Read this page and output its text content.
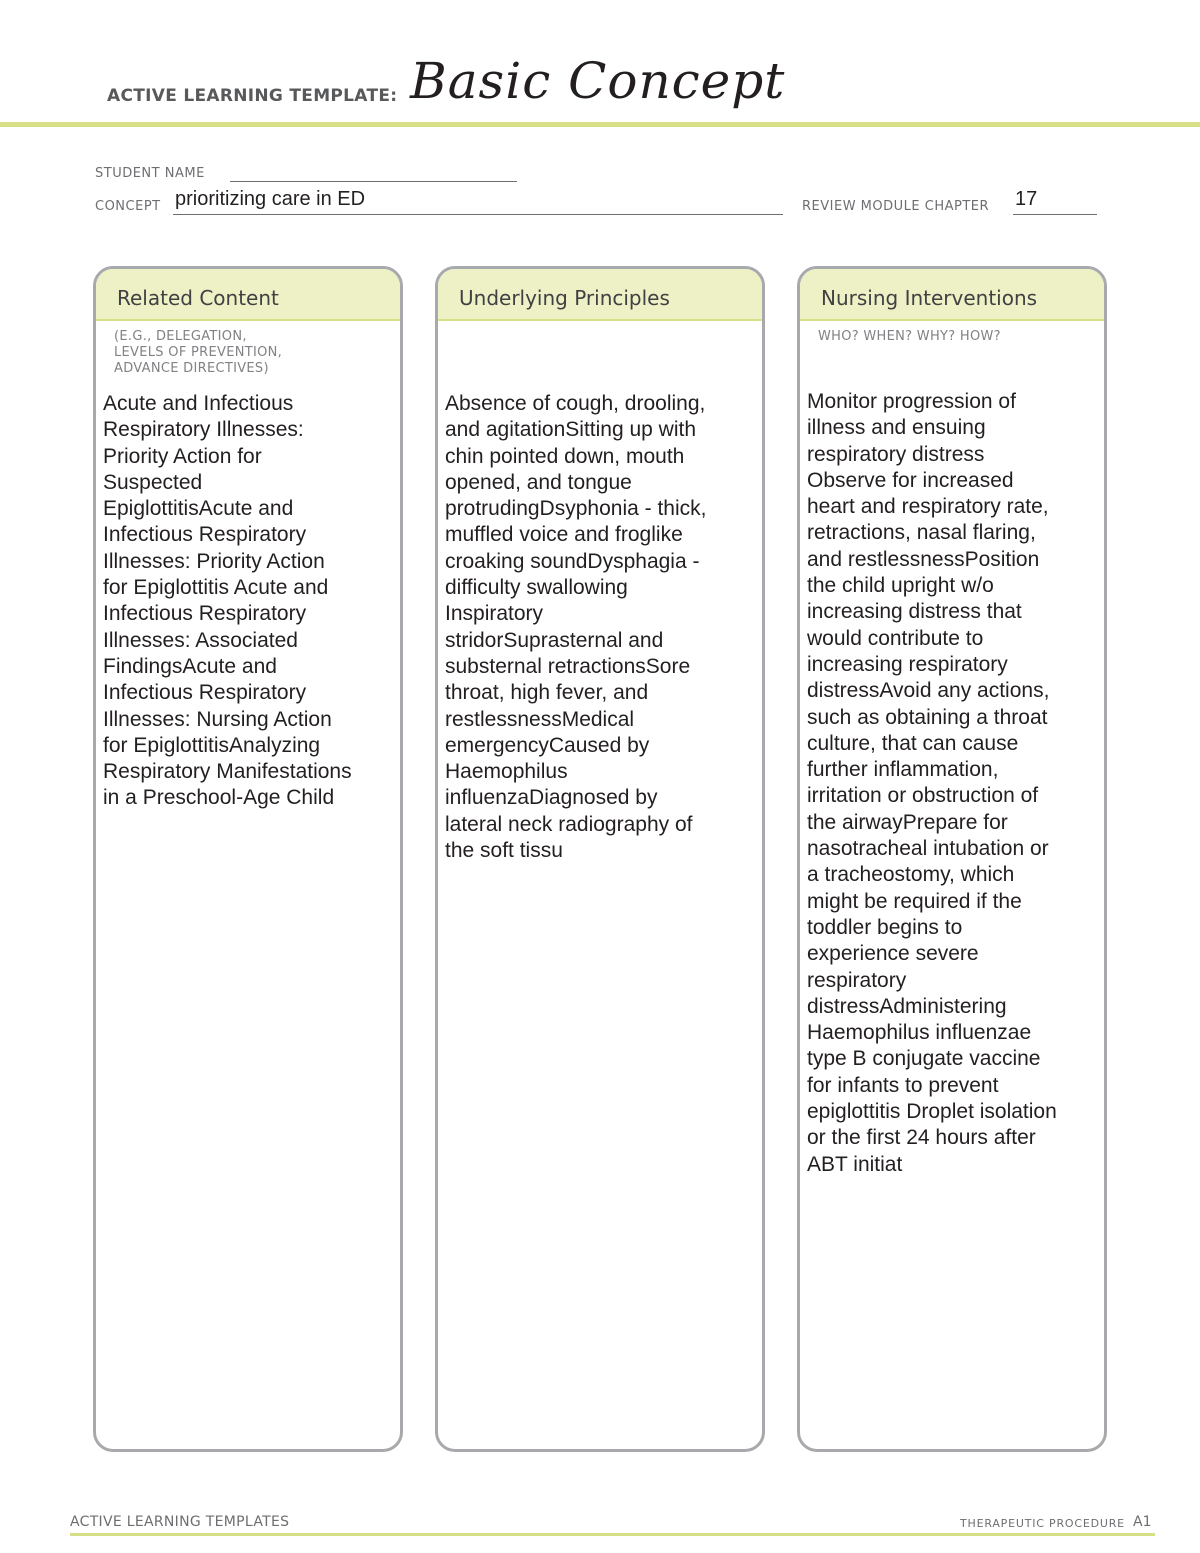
ACTIVE LEARNING TEMPLATE: Basic Concept
STUDENT NAME
CONCEPT prioritizing care in ED	REVIEW MODULE CHAPTER 17
Related Content
(E.G., DELEGATION,
LEVELS OF PREVENTION,
ADVANCE DIRECTIVES)
Acute and Infectious
Respiratory Illnesses:
Priority Action for
Suspected
EpiglottitisAcute and
Infectious Respiratory
Illnesses: Priority Action
for Epiglottitis Acute and
Infectious Respiratory
Illnesses: Associated
FindingsAcute and
Infectious Respiratory
Illnesses: Nursing Action
for EpiglottitisAnalyzing
Respiratory Manifestations
in a Preschool-Age Child
Underlying Principles
Absence of cough, drooling,
and agitationSitting up with
chin pointed down, mouth
opened, and tongue
protrudingDsyphonia - thick,
muffled voice and froglike
croaking soundDysphagia -
difficulty swallowing
Inspiratory
stridorSuprasternal and
substernal retractionsSore
throat, high fever, and
restlessnessMedical
emergencyCaused by
Haemophilus
influenzaDiagnosed by
lateral neck radiography of
the soft tissu
Nursing Interventions
WHO? WHEN? WHY? HOW?
Monitor progression of
illness and ensuing
respiratory distress
Observe for increased
heart and respiratory rate,
retractions, nasal flaring,
and restlessnessPosition
the child upright w/o
increasing distress that
would contribute to
increasing respiratory
distressAvoid any actions,
such as obtaining a throat
culture, that can cause
further inflammation,
irritation or obstruction of
the airwayPrepare for
nasotracheal intubation or
a tracheostomy, which
might be required if the
toddler begins to
experience severe
respiratory
distressAdministering
Haemophilus influenzae
type B conjugate vaccine
for infants to prevent
epiglottitis Droplet isolation
or the first 24 hours after
ABT initiat
ACTIVE LEARNING TEMPLATES	THERAPEUTIC PROCEDURE A1
